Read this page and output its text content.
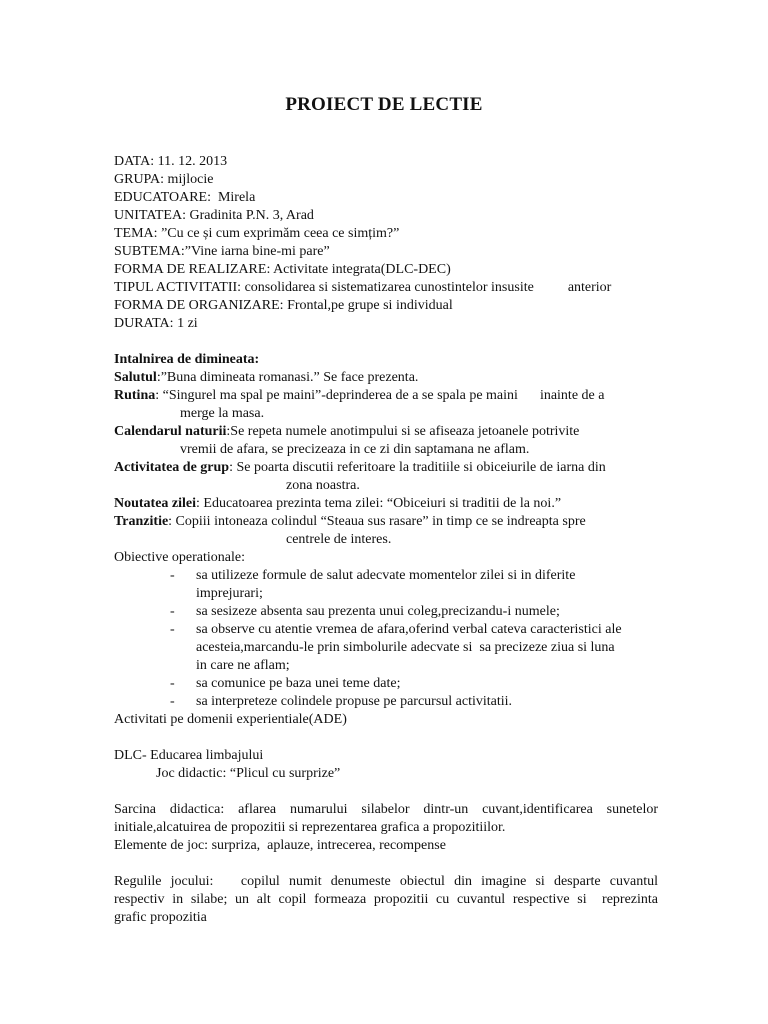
PROIECT DE LECTIE

DATA: 11. 12. 2013

GRUPA: mijlocie

EDUCATOARE:  Mirela

UNITATEA: Gradinita P.N. 3, Arad

TEMA: ”Cu ce și cum exprimăm ceea ce simțim?”

SUBTEMA:”Vine iarna bine-mi pare”

FORMA DE REALIZARE: Activitate integrata(DLC-DEC)

TIPUL ACTIVITATII: consolidarea si sistematizarea cunostintelor insusite anterior

FORMA DE ORGANIZARE: Frontal,pe grupe si individual

DURATA: 1 zi

Intalnirea de dimineata:

Salutul:”Buna dimineata romanasi.” Se face prezenta.

Rutina: “Singurel ma spal pe maini”-deprinderea de a se spala pe maini inainte de a

merge la masa.

Calendarul naturii:Se repeta numele anotimpului si se afiseaza jetoanele potrivite

vremii de afara, se precizeaza in ce zi din saptamana ne aflam.

Activitatea de grup: Se poarta discutii referitoare la traditiile si obiceiurile de iarna din

zona noastra.

Noutatea zilei: Educatoarea prezinta tema zilei: “Obiceiuri si traditii de la noi.”

Tranzitie: Copiii intoneaza colindul “Steaua sus rasare” in timp ce se indreapta spre

centrele de interes.

Obiective operationale:

-	sa utilizeze formule de salut adecvate momentelor zilei si in diferite
imprejurari;
-	sa sesizeze absenta sau prezenta unui coleg,precizandu-i numele;
-	sa observe cu atentie vremea de afara,oferind verbal cateva caracteristici ale
acesteia,marcandu-le prin simbolurile adecvate si  sa precizeze ziua si luna
in care ne aflam;
-	sa comunice pe baza unei teme date;
-	sa interpreteze colindele propuse pe parcursul activitatii.

Activitati pe domenii experientiale(ADE)

DLC- Educarea limbajului

Joc didactic: “Plicul cu surprize”

Sarcina didactica: aflarea numarului silabelor dintr-un cuvant,identificarea sunetelor

initiale,alcatuirea de propozitii si reprezentarea grafica a propozitiilor.

Elemente de joc: surpriza,  aplauze, intrecerea, recompense

Regulile jocului:   copilul numit denumeste obiectul din imagine si desparte cuvantul

respectiv in silabe; un alt copil formeaza propozitii cu cuvantul respective si  reprezinta

grafic propozitia
